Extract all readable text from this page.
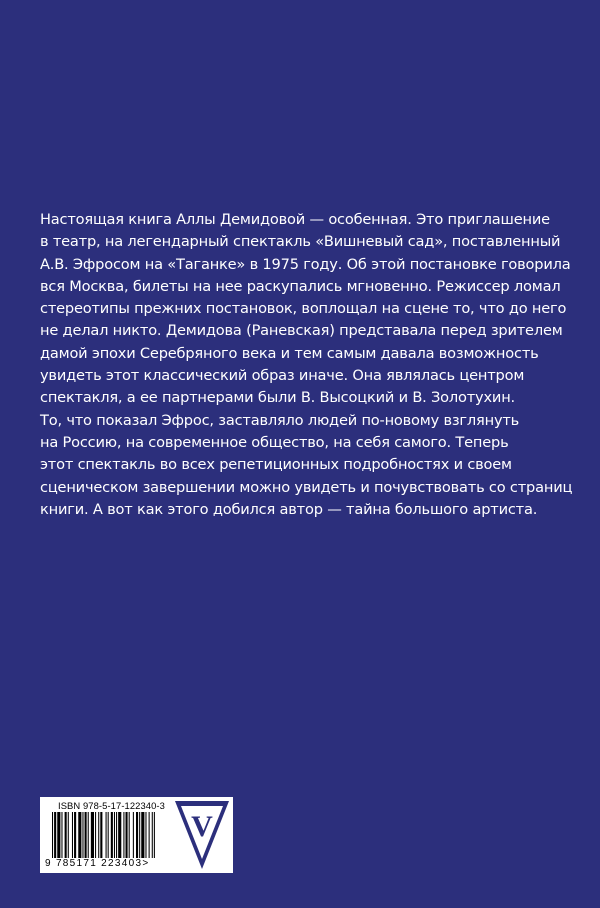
Настоящая книга Аллы Демидовой — особенная. Это приглашение
в театр, на легендарный спектакль «Вишневый сад», поставленный
А.В. Эфросом на «Таганке» в 1975 году. Об этой постановке говорила
вся Москва, билеты на нее раскупались мгновенно. Режиссер ломал
стереотипы прежних постановок, воплощал на сцене то, что до него
не делал никто. Демидова (Раневская) представала перед зрителем
дамой эпохи Серебряного века и тем самым давала возможность
увидеть этот классический образ иначе. Она являлась центром
спектакля, а ее партнерами были В. Высоцкий и В. Золотухин.
То, что показал Эфрос, заставляло людей по-новому взглянуть
на Россию, на современное общество, на себя самого. Теперь
этот спектакль во всех репетиционных подробностях и своем
сценическом завершении можно увидеть и почувствовать со страниц
книги. А вот как этого добился автор — тайна большого артиста.
ISBN 978-5-17-122340-3
9 785171 223403>
V
